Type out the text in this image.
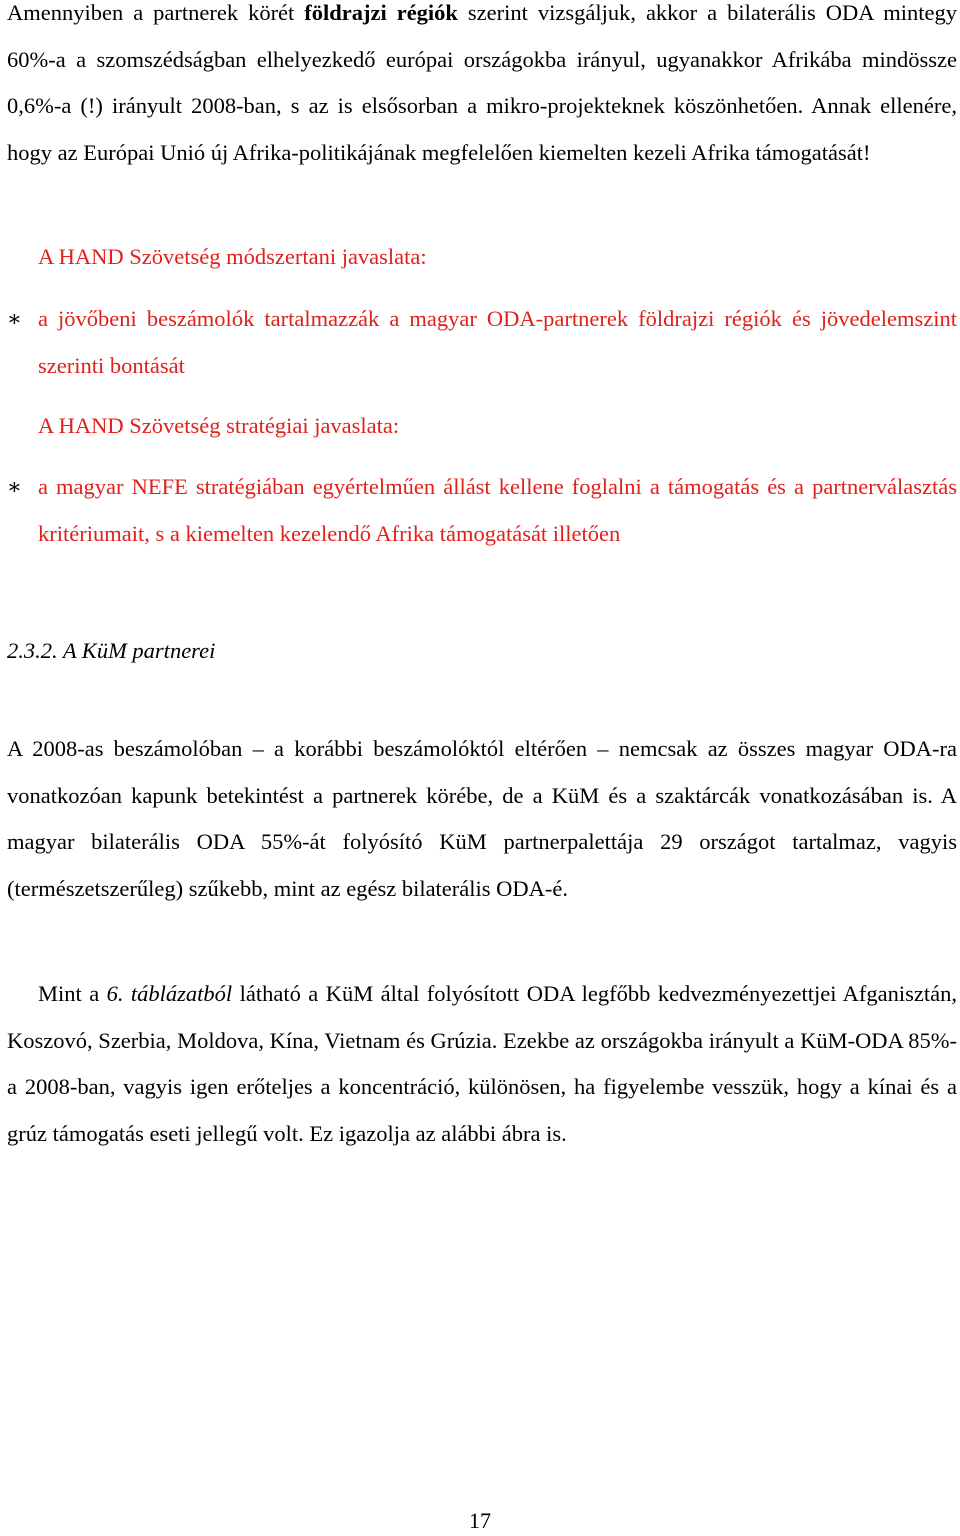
Amennyiben a partnerek körét földrajzi régiók szerint vizsgáljuk, akkor a bilaterális ODA mintegy 60%-a a szomszédságban elhelyezkedő európai országokba irányul, ugyanakkor Afrikába mindössze 0,6%-a (!) irányult 2008-ban, s az is elsősorban a mikro-projekteknek köszönhetően. Annak ellenére, hogy az Európai Unió új Afrika-politikájának megfelelően kiemelten kezeli Afrika támogatását!

A HAND Szövetség módszertani javaslata:

∗ a jövőbeni beszámolók tartalmazzák a magyar ODA-partnerek földrajzi régiók és jövedelemszint szerinti bontását

A HAND Szövetség stratégiai javaslata:

∗ a magyar NEFE stratégiában egyértelműen állást kellene foglalni a támogatás és a partnerválasztás kritériumait, s a kiemelten kezelendő Afrika támogatását illetően

2.3.2. A KüM partnerei

A 2008-as beszámolóban – a korábbi beszámolóktól eltérően – nemcsak az összes magyar ODA-ra vonatkozóan kapunk betekintést a partnerek körébe, de a KüM és a szaktárcák vonatkozásában is. A magyar bilaterális ODA 55%-át folyósító KüM partnerpalettája 29 országot tartalmaz, vagyis (természetszerűleg) szűkebb, mint az egész bilaterális ODA-é.

Mint a 6. táblázatból látható a KüM által folyósított ODA legfőbb kedvezményezettjei Afganisztán, Koszovó, Szerbia, Moldova, Kína, Vietnam és Grúzia. Ezekbe az országokba irányult a KüM-ODA 85%-a 2008-ban, vagyis igen erőteljes a koncentráció, különösen, ha figyelembe vesszük, hogy a kínai és a grúz támogatás eseti jellegű volt. Ez igazolja az alábbi ábra is.

17
